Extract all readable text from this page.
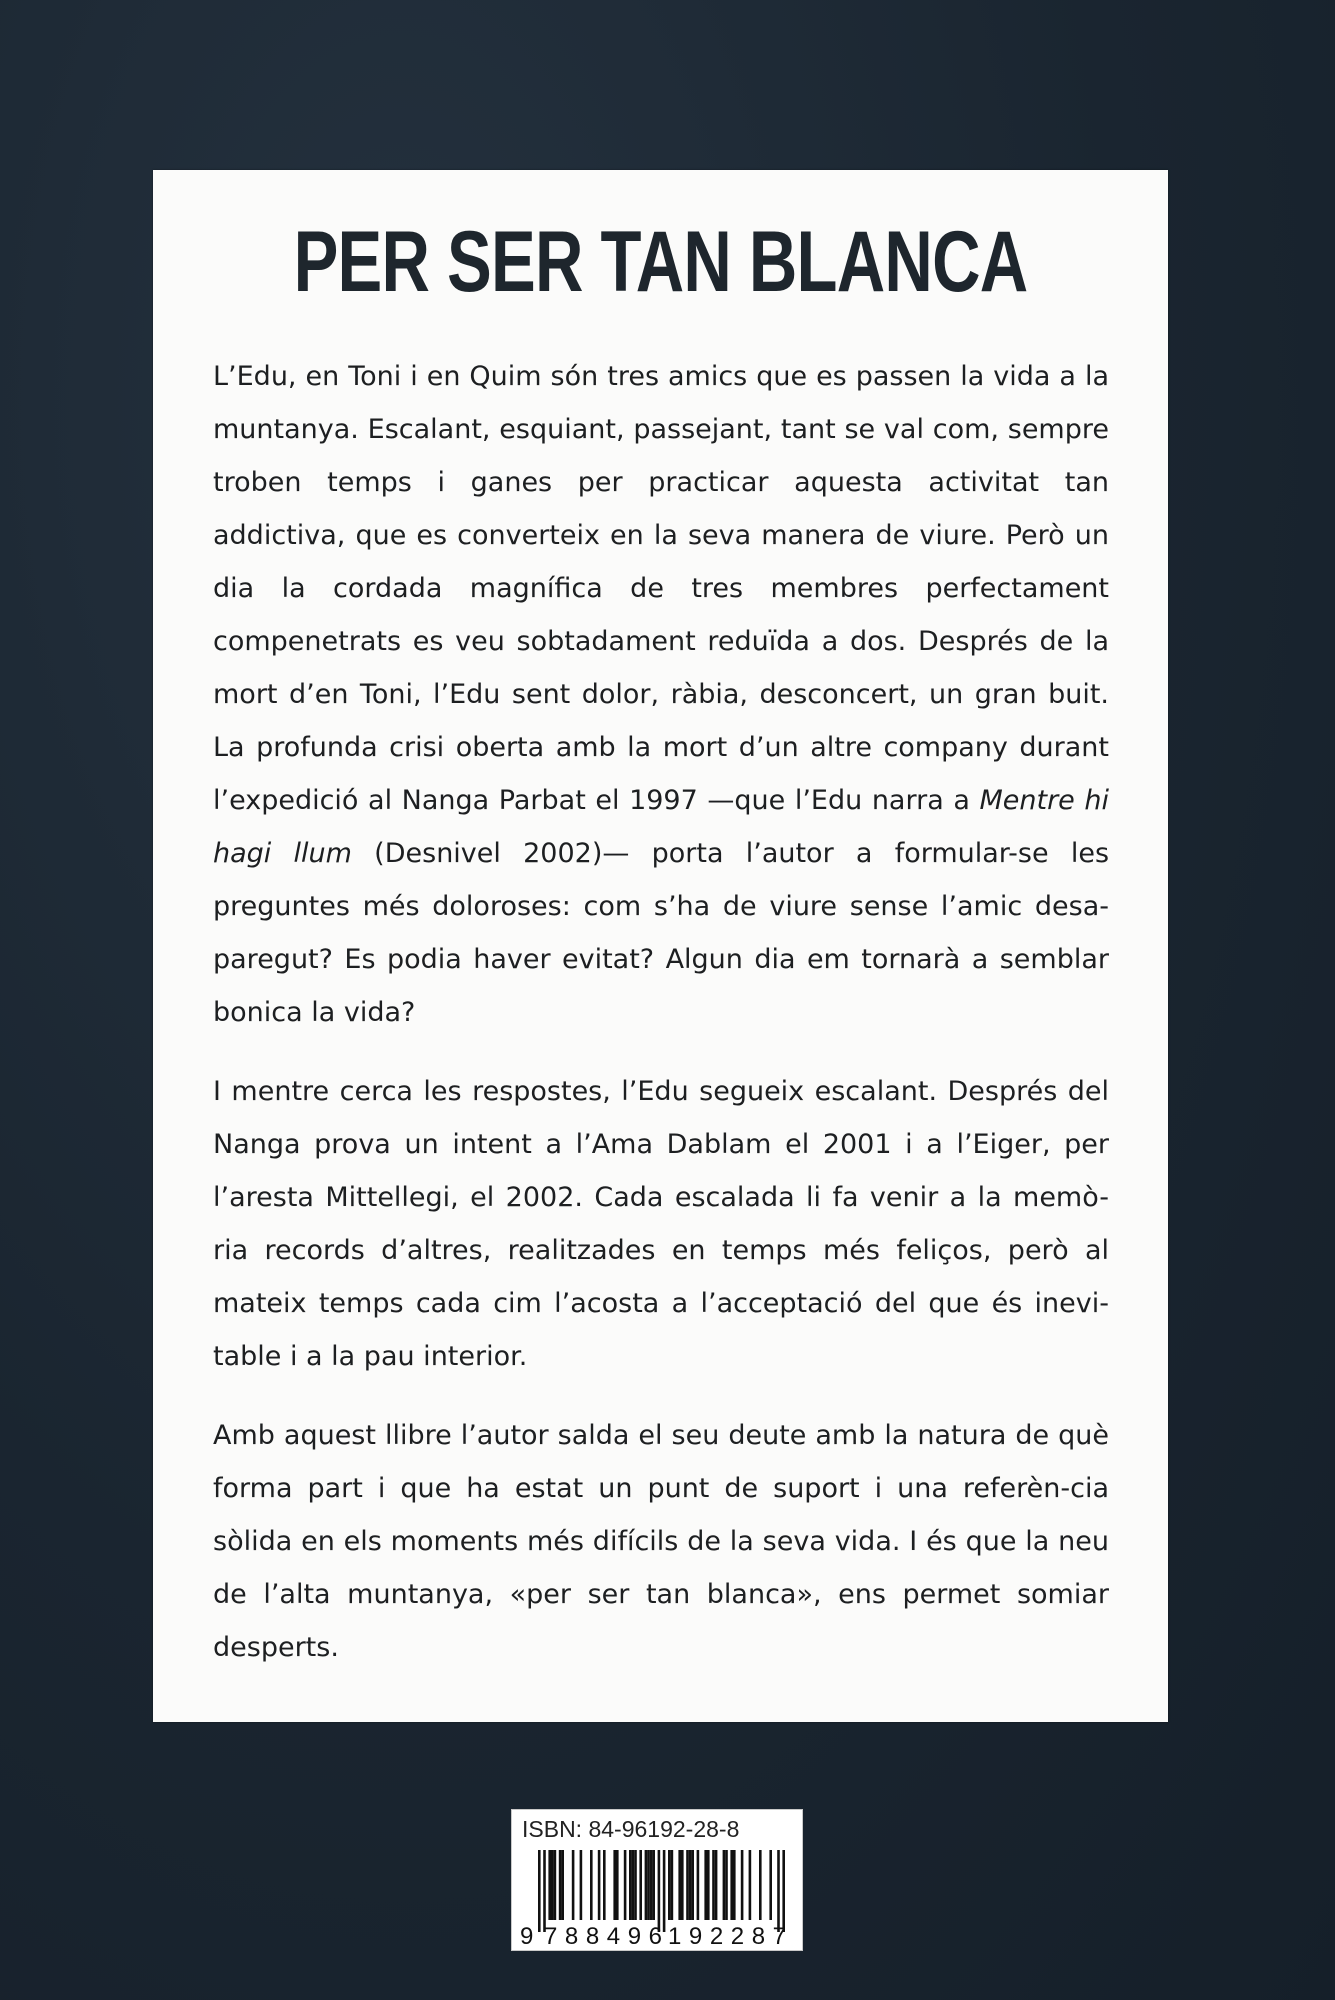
PER SER TAN BLANCA

L’Edu, en Toni i en Quim són tres amics que es passen la vida a la muntanya. Escalant, esquiant, passejant, tant se val com, sempre troben temps i ganes per practicar aquesta activitat tan addictiva, que es converteix en la seva manera de viure. Però un dia la cordada magnífica de tres membres perfectament compenetrats es veu sobtadament reduïda a dos. Després de la mort d’en Toni, l’Edu sent dolor, ràbia, desconcert, un gran buit. La profunda crisi oberta amb la mort d’un altre company durant l’expedició al Nanga Parbat el 1997 —que l’Edu narra a Mentre hi hagi llum (Desnivel 2002)— porta l’autor a formular-se les preguntes més doloroses: com s’ha de viure sense l’amic desa-paregut? Es podia haver evitat? Algun dia em tornarà a semblar bonica la vida?

I mentre cerca les respostes, l’Edu segueix escalant. Després del Nanga prova un intent a l’Ama Dablam el 2001 i a l’Eiger, per l’aresta Mittellegi, el 2002. Cada escalada li fa venir a la memò-ria records d’altres, realitzades en temps més feliços, però al mateix temps cada cim l’acosta a l’acceptació del que és inevi-table i a la pau interior.

Amb aquest llibre l’autor salda el seu deute amb la natura de què forma part i que ha estat un punt de suport i una referèn-cia sòlida en els moments més difícils de la seva vida. I és que la neu de l’alta muntanya, «per ser tan blanca», ens permet somiar desperts.

ISBN: 84-96192-28-8
9 788496 192287
